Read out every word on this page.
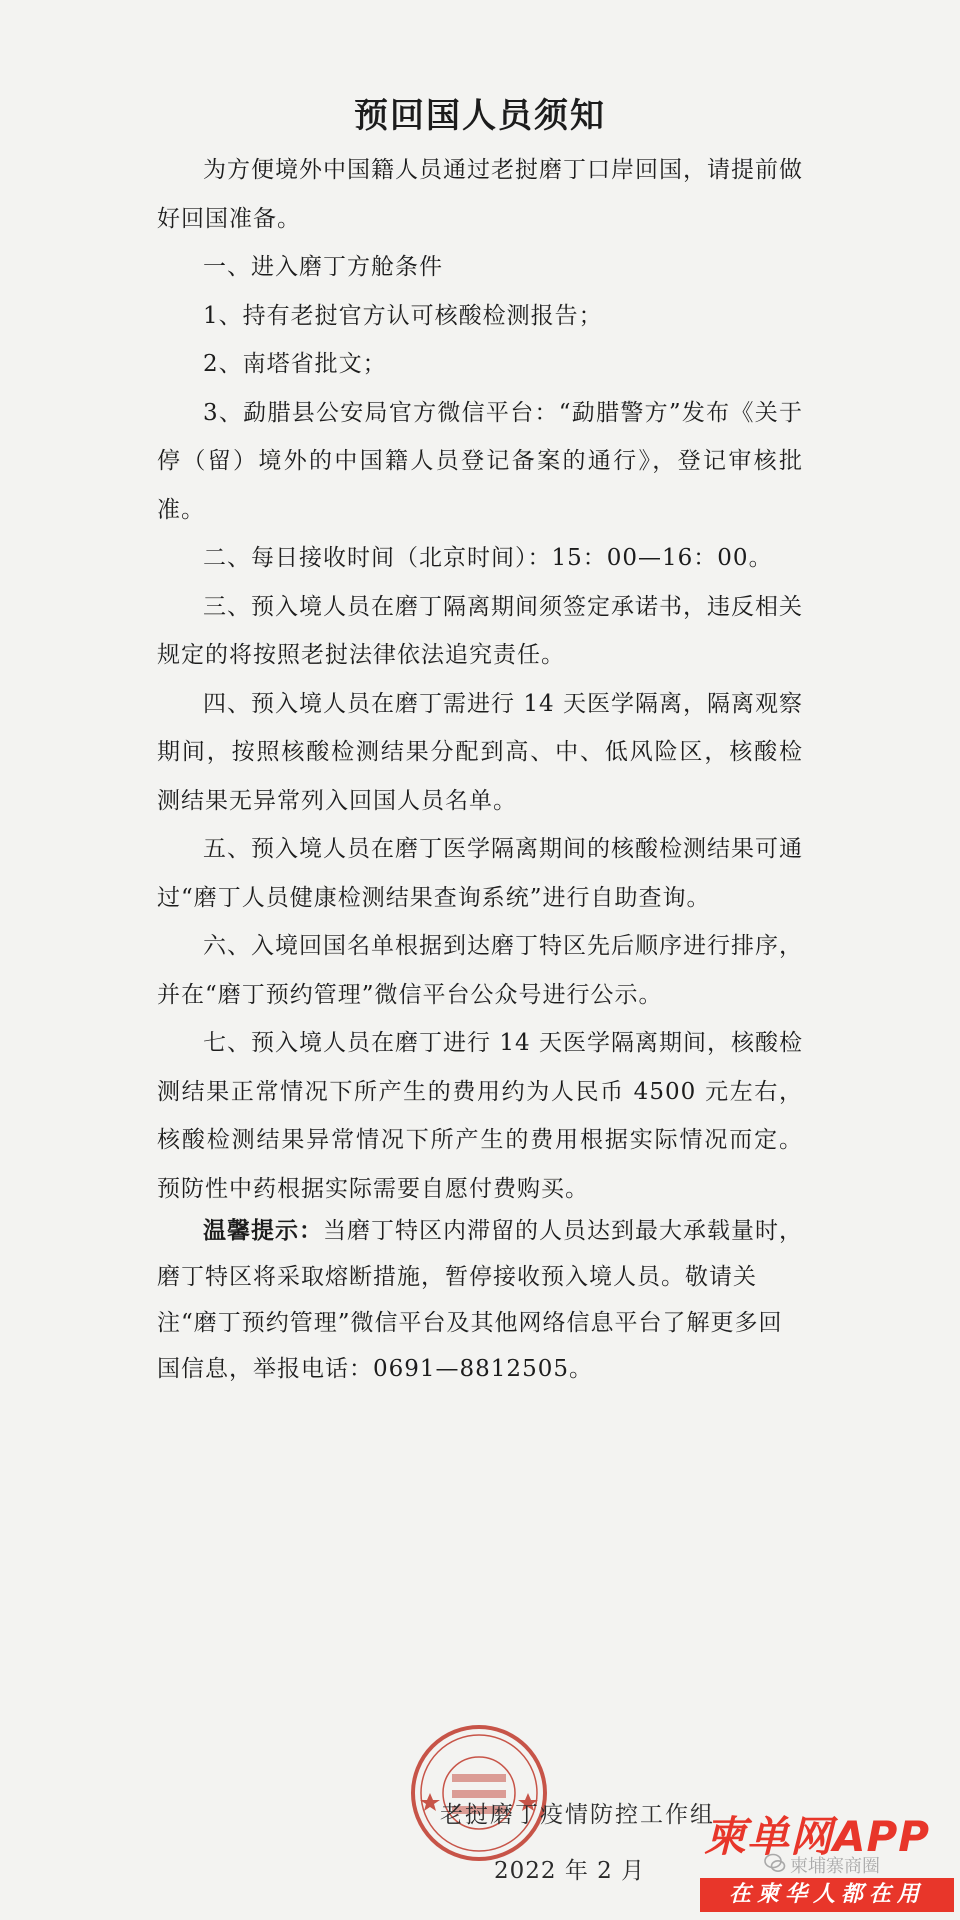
预回国人员须知

为方便境外中国籍人员通过老挝磨丁口岸回国，请提前做好回国准备。

一、进入磨丁方舱条件

1、持有老挝官方认可核酸检测报告；

2、南塔省批文；

3、勐腊县公安局官方微信平台：“勐腊警方”发布《关于停（留）境外的中国籍人员登记备案的通行》，登记审核批准。

二、每日接收时间（北京时间）：15：00—16：00。

三、预入境人员在磨丁隔离期间须签定承诺书，违反相关规定的将按照老挝法律依法追究责任。

四、预入境人员在磨丁需进行 14 天医学隔离，隔离观察期间，按照核酸检测结果分配到高、中、低风险区，核酸检测结果无异常列入回国人员名单。

五、预入境人员在磨丁医学隔离期间的核酸检测结果可通过“磨丁人员健康检测结果查询系统”进行自助查询。

六、入境回国名单根据到达磨丁特区先后顺序进行排序，并在“磨丁预约管理”微信平台公众号进行公示。

七、预入境人员在磨丁进行 14 天医学隔离期间，核酸检测结果正常情况下所产生的费用约为人民币 4500 元左右，核酸检测结果异常情况下所产生的费用根据实际情况而定。预防性中药根据实际需要自愿付费购买。

温馨提示：当磨丁特区内滞留的人员达到最大承载量时，磨丁特区将采取熔断措施，暂停接收预入境人员。敬请关注“磨丁预约管理”微信平台及其他网络信息平台了解更多回国信息，举报电话：0691—8812505。

老挝磨丁疫情防控工作组
2022 年 2 月	柬埔寨商圈
柬单网APP
在柬华人都在用
